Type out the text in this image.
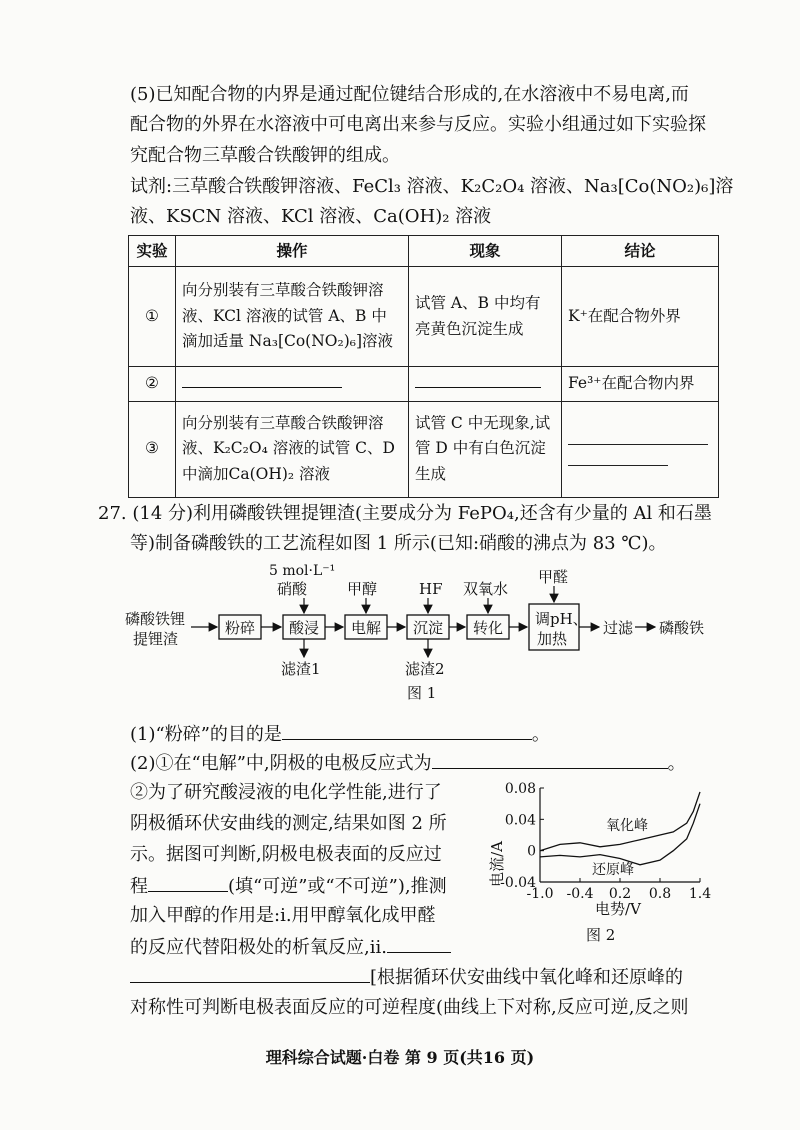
(5)已知配合物的内界是通过配位键结合形成的,在水溶液中不易电离,而
配合物的外界在水溶液中可电离出来参与反应。实验小组通过如下实验探
究配合物三草酸合铁酸钾的组成。
试剂:三草酸合铁酸钾溶液、FeCl₃ 溶液、K₂C₂O₄ 溶液、Na₃[Co(NO₂)₆]溶
液、KSCN 溶液、KCl 溶液、Ca(OH)₂ 溶液
实验	操作	现象	结论
①	向分别装有三草酸合铁酸钾溶液、KCl 溶液的试管 A、B 中滴加适量 Na₃[Co(NO₂)₆]溶液	试管 A、B 中均有亮黄色沉淀生成	K⁺在配合物外界
②			Fe³⁺在配合物内界
③	向分别装有三草酸合铁酸钾溶液、K₂C₂O₄ 溶液的试管 C、D 中滴加Ca(OH)₂ 溶液	试管 C 中无现象,试管 D 中有白色沉淀生成	
27. (14 分)利用磷酸铁锂提锂渣(主要成分为 FePO₄,还含有少量的 Al 和石墨
等)制备磷酸铁的工艺流程如图 1 所示(已知:硝酸的沸点为 83 ℃)。
5 mol·L⁻¹
硝酸	甲醇	HF 双氧水
甲醛
磷酸铁锂
提锂渣
粉碎 酸浸 电解 沉淀 转化 调pH、
加热
过滤 磷酸铁
滤渣1	滤渣2
图 1
(1)“粉碎”的目的是	。
(2)①在“电解”中,阴极的电极反应式为	。
②为了研究酸浸液的电化学性能,进行了
阴极循环伏安曲线的测定,结果如图 2 所
示。据图可判断,阴极电极表面的反应过
程	(填“可逆”或“不可逆”),推测
加入甲醇的作用是:ⅰ.用甲醇氧化成甲醛
的反应代替阳极处的析氧反应,ⅱ.
[根据循环伏安曲线中氧化峰和还原峰的
对称性可判断电极表面反应的可逆程度(曲线上下对称,反应可逆,反之则
电流/A
电势/V
图 2
0.08
0.04
0
-0.04
-1.0 -0.4 0.2 0.8 1.4
氧化峰
还原峰
理科综合试题·白卷 第 9 页(共16 页)
